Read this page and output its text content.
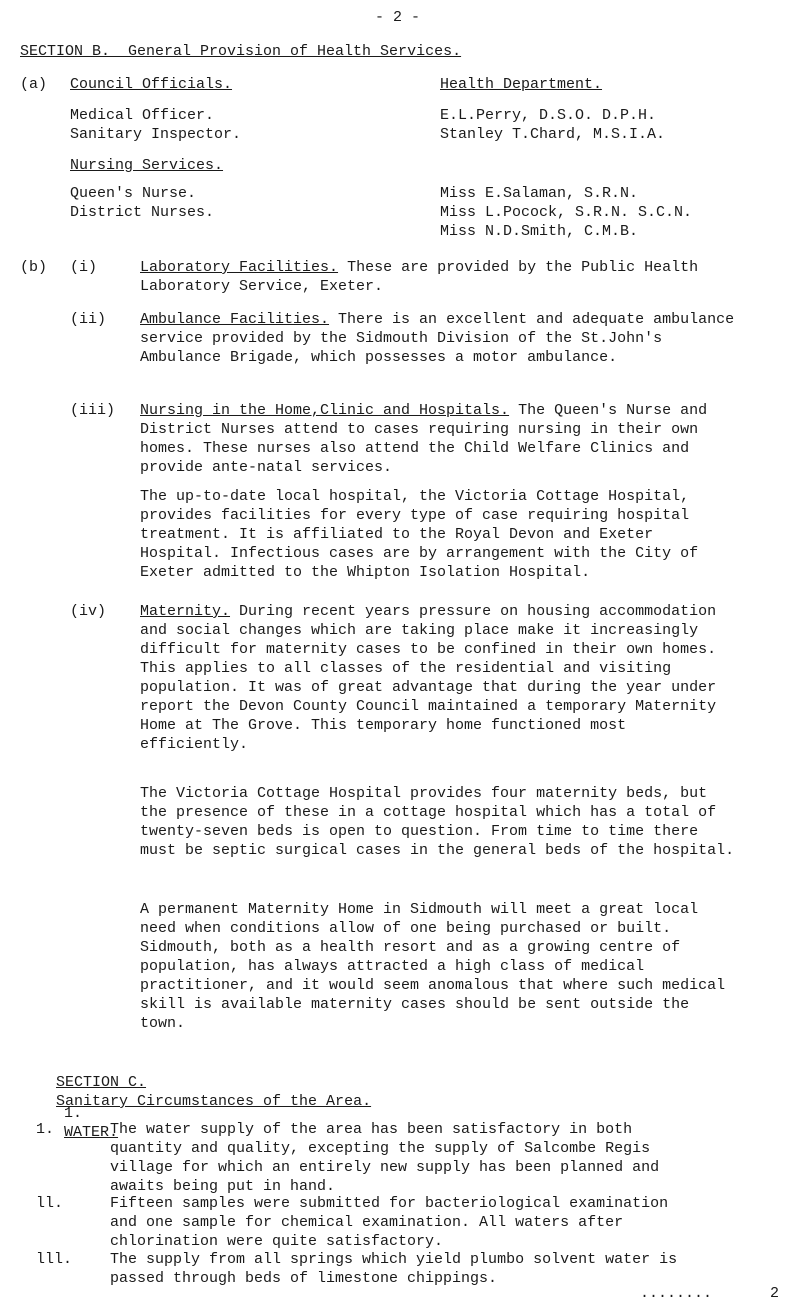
- 2 -
SECTION B.  General Provision of Health Services.
(a) Council Officials.	Health Department.
Medical Officer.	E.L.Perry, D.S.O. D.P.H.
Sanitary Inspector.	Stanley T.Chard, M.S.I.A.
Nursing Services.
Queen's Nurse.	Miss E.Salaman, S.R.N.
District Nurses.	Miss L.Pocock, S.R.N. S.C.N.
Miss N.D.Smith, C.M.B.
(b) (i)	Laboratory Facilities. These are provided by the Public Health Laboratory Service, Exeter.
(ii) Ambulance Facilities. There is an excellent and adequate ambulance service provided by the Sidmouth Division of the St.John's Ambulance Brigade, which possesses a motor ambulance.
(iii) Nursing in the Home,Clinic and Hospitals. The Queen's Nurse and District Nurses attend to cases requiring nursing in their own homes. These nurses also attend the Child Welfare Clinics and provide ante-natal services.
The up-to-date local hospital, the Victoria Cottage Hospital, provides facilities for every type of case requiring hospital treatment. It is affiliated to the Royal Devon and Exeter Hospital. Infectious cases are by arrangement with the City of Exeter admitted to the Whipton Isolation Hospital.
(iv) Maternity. During recent years pressure on housing accommodation and social changes which are taking place make it increasingly difficult for maternity cases to be confined in their own homes. This applies to all classes of the residential and visiting population. It was of great advantage that during the year under report the Devon County Council maintained a temporary Maternity Home at The Grove. This temporary home functioned most efficiently.
The Victoria Cottage Hospital provides four maternity beds, but the presence of these in a cottage hospital which has a total of twenty-seven beds is open to question. From time to time there must be septic surgical cases in the general beds of the hospital.
A permanent Maternity Home in Sidmouth will meet a great local need when conditions allow of one being purchased or built. Sidmouth, both as a health resort and as a growing centre of population, has always attracted a high class of medical practitioner, and it would seem anomalous that where such medical skill is available maternity cases should be sent outside the town.

SECTION C.
Sanitary Circumstances of the Area.

1.
WATER.

1.	The water supply of the area has been satisfactory in both quantity and quality, excepting the supply of Salcombe Regis village for which an entirely new supply has been planned and awaits being put in hand.
ll.	Fifteen samples were submitted for bacteriological examination and one sample for chemical examination. All waters after chlorination were quite satisfactory.
lll.	The supply from all springs which yield plumbo solvent water is passed through beds of limestone chippings.
........	2
